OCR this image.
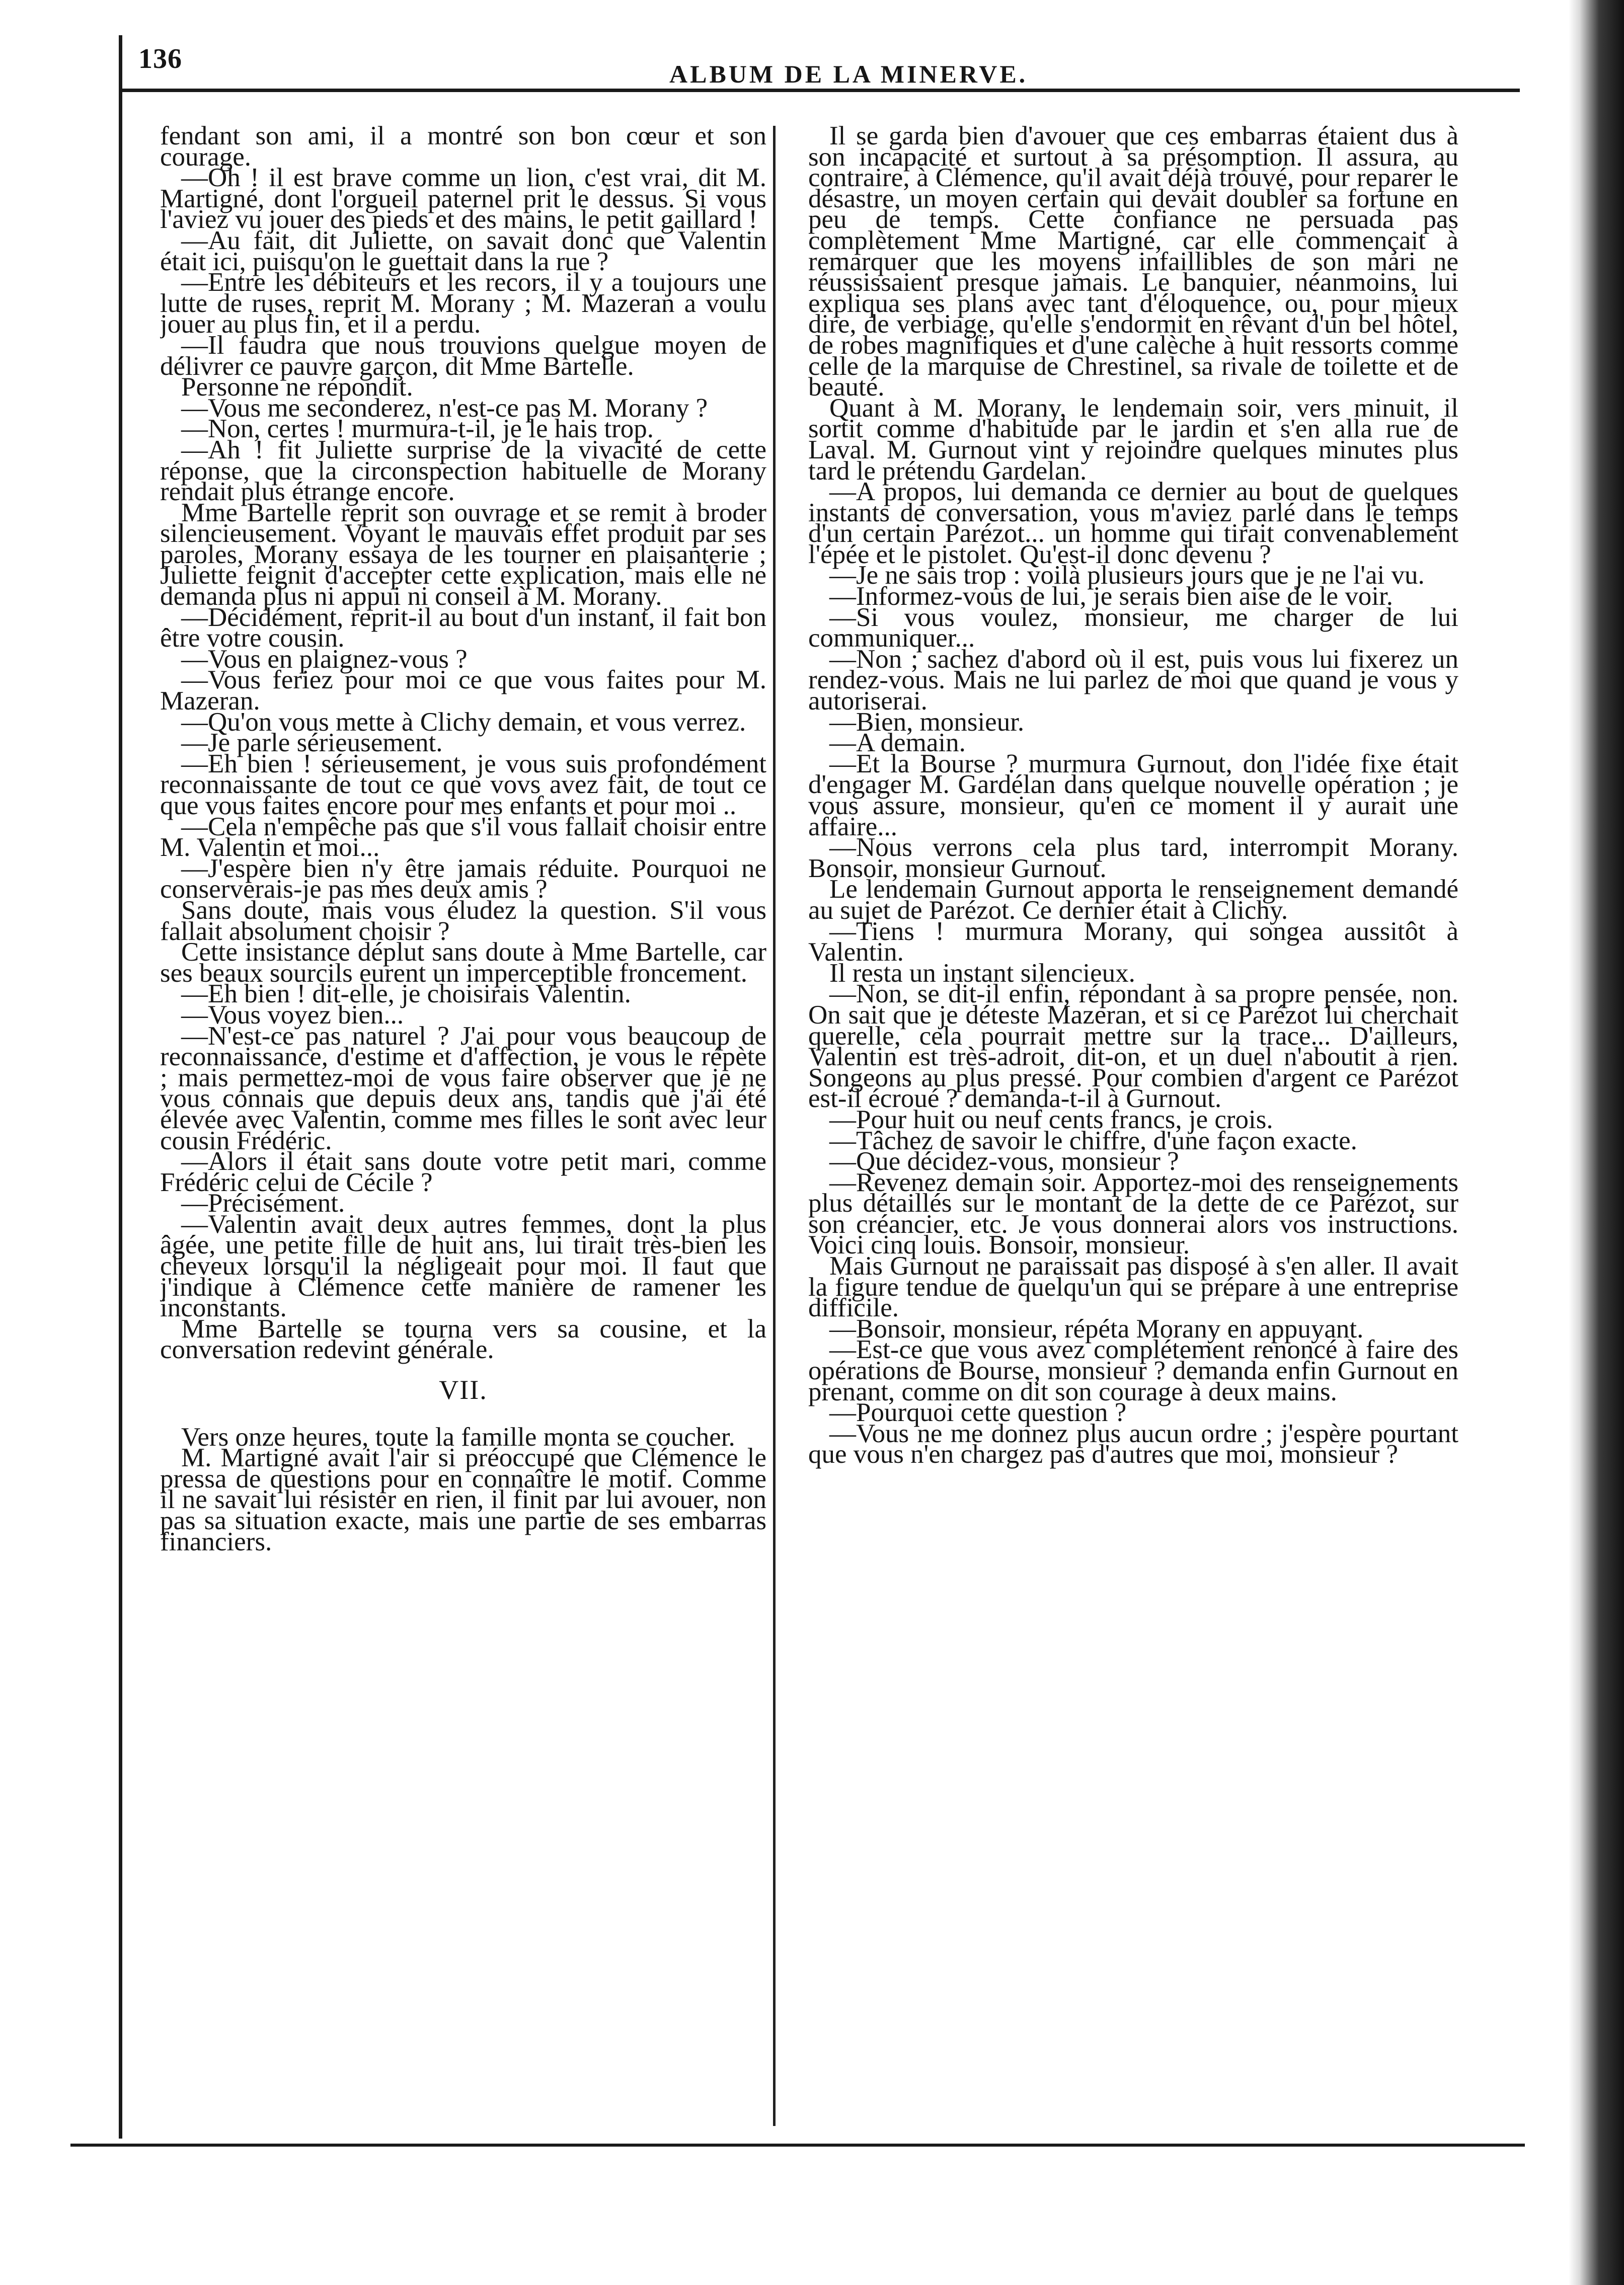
136	ALBUM DE LA MINERVE.

fendant son ami, il a montré son bon cœur et son courage.

—Oh ! il est brave comme un lion, c'est vrai, dit M. Martigné, dont l'orgueil paternel prit le dessus. Si vous l'aviez vu jouer des pieds et des mains, le petit gaillard !

—Au fait, dit Juliette, on savait donc que Valentin était ici, puisqu'on le guettait dans la rue ?

—Entre les débiteurs et les recors, il y a toujours une lutte de ruses, reprit M. Morany ; M. Mazeran a voulu jouer au plus fin, et il a perdu.

—Il faudra que nous trouvions quelgue moyen de délivrer ce pauvre garçon, dit Mme Bartelle.

Personne ne répondit.

—Vous me seconderez, n'est-ce pas M. Morany ?

—Non, certes ! murmura-t-il, je le hais trop.

—Ah ! fit Juliette surprise de la vivacité de cette réponse, que la circonspection habituelle de Morany rendait plus étrange encore.

Mme Bartelle reprit son ouvrage et se remit à broder silencieusement. Voyant le mauvais effet produit par ses paroles, Morany essaya de les tourner en plaisanterie ; Juliette feignit d'accepter cette explication, mais elle ne demanda plus ni appui ni conseil à M. Morany.

—Décidément, reprit-il au bout d'un instant, il fait bon être votre cousin.

—Vous en plaignez-vous ?

—Vous feriez pour moi ce que vous faites pour M. Mazeran.

—Qu'on vous mette à Clichy demain, et vous verrez.

—Je parle sérieusement.

—Eh bien ! sérieusement, je vous suis profondément reconnaissante de tout ce que vovs avez fait, de tout ce que vous faites encore pour mes enfants et pour moi ..

—Cela n'empêche pas que s'il vous fallait choisir entre M. Valentin et moi...

—J'espère bien n'y être jamais réduite. Pourquoi ne conserverais-je pas mes deux amis ?

Sans doute, mais vous éludez la question. S'il vous fallait absolument choisir ?

Cette insistance déplut sans doute à Mme Bartelle, car ses beaux sourcils eurent un imperceptible froncement.

—Eh bien ! dit-elle, je choisirais Valentin.

—Vous voyez bien...

—N'est-ce pas naturel ? J'ai pour vous beaucoup de reconnaissance, d'estime et d'affection, je vous le répète ; mais permettez-moi de vous faire observer que je ne vous connais que depuis deux ans, tandis que j'ai été élevée avec Valentin, comme mes filles le sont avec leur cousin Frédéric.

—Alors il était sans doute votre petit mari, comme Frédéric celui de Cécile ?

—Précisément.

—Valentin avait deux autres femmes, dont la plus âgée, une petite fille de huit ans, lui tirait très-bien les cheveux lorsqu'il la négligeait pour moi. Il faut que j'indique à Clémence cette manière de ramener les inconstants.

Mme Bartelle se tourna vers sa cousine, et la conversation redevint générale.

VII.

Vers onze heures, toute la famille monta se coucher.

M. Martigné avait l'air si préoccupé que Clémence le pressa de questions pour en connaître le motif. Comme il ne savait lui résister en rien, il finit par lui avouer, non pas sa situation exacte, mais une partie de ses embarras financiers.

Il se garda bien d'avouer que ces embarras étaient dus à son incapacité et surtout à sa présomption. Il assura, au contraire, à Clémence, qu'il avait déjà trouvé, pour reparer le désastre, un moyen certain qui devait doubler sa fortune en peu de temps. Cette confiance ne persuada pas complètement Mme Martigné, car elle commençait à remarquer que les moyens infaillibles de son mari ne réussissaient presque jamais. Le banquier, néanmoins, lui expliqua ses plans avec tant d'éloquence, ou, pour mieux dire, de verbiage, qu'elle s'endormit en rêvant d'un bel hôtel, de robes magnifiques et d'une calèche à huit ressorts comme celle de la marquise de Chrestinel, sa rivale de toilette et de beauté.

Quant à M. Morany, le lendemain soir, vers minuit, il sortit comme d'habitude par le jardin et s'en alla rue de Laval. M. Gurnout vint y rejoindre quelques minutes plus tard le prétendu Gardelan.

—A propos, lui demanda ce dernier au bout de quelques instants de conversation, vous m'aviez parlé dans le temps d'un certain Parézot... un homme qui tirait convenablement l'épée et le pistolet. Qu'est-il donc devenu ?

—Je ne sais trop : voilà plusieurs jours que je ne l'ai vu.

—Informez-vous de lui, je serais bien aise de le voir.

—Si vous voulez, monsieur, me charger de lui communiquer...

—Non ; sachez d'abord où il est, puis vous lui fixerez un rendez-vous. Mais ne lui parlez de moi que quand je vous y autoriserai.

—Bien, monsieur.

—A demain.

—Et la Bourse ? murmura Gurnout, don l'idée fixe était d'engager M. Gardélan dans quelque nouvelle opération ; je vous assure, monsieur, qu'en ce moment il y aurait une affaire...

—Nous verrons cela plus tard, interrompit Morany. Bonsoir, monsieur Gurnout.

Le lendemain Gurnout apporta le renseignement demandé au sujet de Parézot. Ce dernier était à Clichy.

—Tiens ! murmura Morany, qui songea aussitôt à Valentin.

Il resta un instant silencieux.

—Non, se dit-il enfin, répondant à sa propre pensée, non. On sait que je déteste Mazeran, et si ce Parézot lui cherchait querelle, cela pourrait mettre sur la trace... D'ailleurs, Valentin est très-adroit, dit-on, et un duel n'aboutit à rien. Songeons au plus pressé. Pour combien d'argent ce Parézot est-il écroué ? demanda-t-il à Gurnout.

—Pour huit ou neuf cents francs, je crois.

—Tâchez de savoir le chiffre, d'une façon exacte.

—Que décidez-vous, monsieur ?

—Revenez demain soir. Apportez-moi des renseignements plus détaillés sur le montant de la dette de ce Parézot, sur son créancier, etc. Je vous donnerai alors vos instructions. Voici cinq louis. Bonsoir, monsieur.

Mais Gurnout ne paraissait pas disposé à s'en aller. Il avait la figure tendue de quelqu'un qui se prépare à une entreprise difficile.

—Bonsoir, monsieur, répéta Morany en appuyant.

—Est-ce que vous avez complétement renoncé à faire des opérations de Bourse, monsieur ? demanda enfin Gurnout en prenant, comme on dit son courage à deux mains.

—Pourquoi cette question ?

—Vous ne me donnez plus aucun ordre ; j'espère pourtant que vous n'en chargez pas d'autres que moi, monsieur ?
